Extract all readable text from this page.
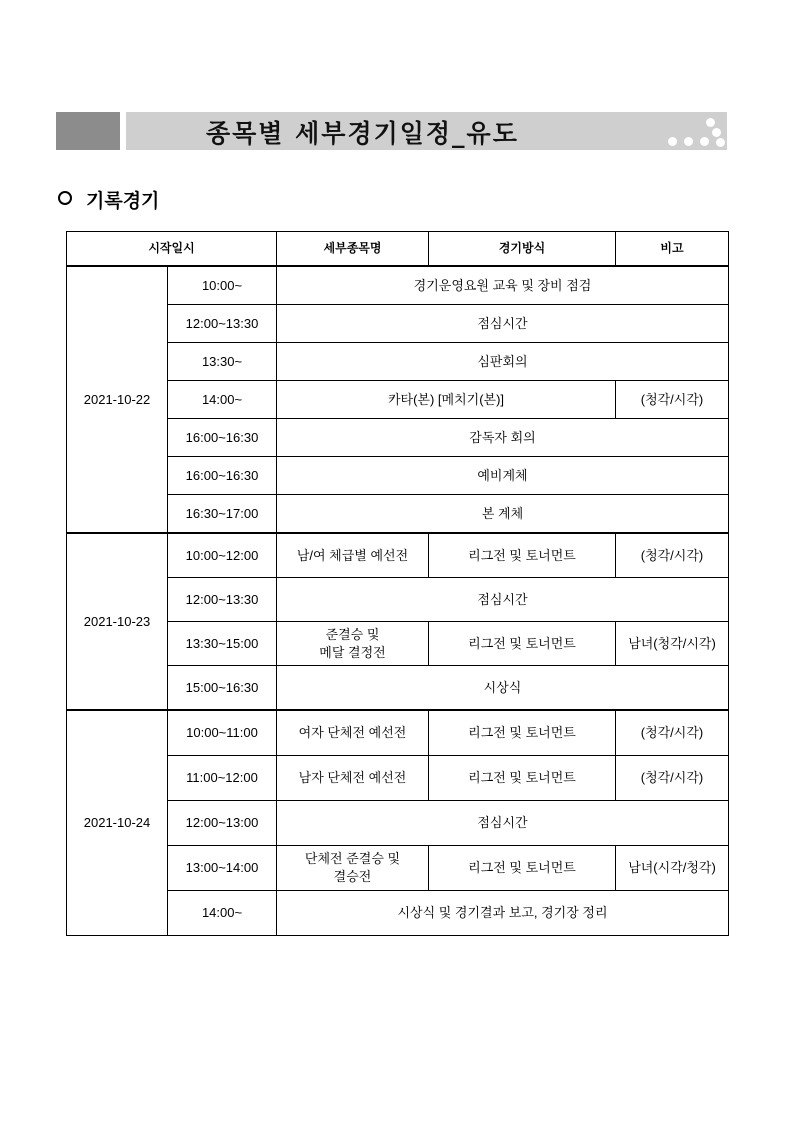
종목별 세부경기일정_유도
기록경기
시작일시		세부종목명	경기방식	비고
2021-10-22	10:00~	경기운영요원 교육 및 장비 점검		
	12:00~13:30	점심시간		
	13:30~	심판회의		
	14:00~	카타(본) [메치기(본)]		(청각/시각)
	16:00~16:30	감독자 회의		
	16:00~16:30	예비계체		
	16:30~17:00	본 계체		
2021-10-23	10:00~12:00	남/여 체급별 예선전	리그전 및 토너먼트	(청각/시각)
	12:00~13:30	점심시간		
	13:30~15:00	준결승 및
메달 결정전	리그전 및 토너먼트	남녀(청각/시각)
	15:00~16:30	시상식		
2021-10-24	10:00~11:00	여자 단체전 예선전	리그전 및 토너먼트	(청각/시각)
	11:00~12:00	남자 단체전 예선전	리그전 및 토너먼트	(청각/시각)
	12:00~13:00	점심시간		
	13:00~14:00	단체전 준결승 및
결승전	리그전 및 토너먼트	남녀(시각/청각)
	14:00~	시상식 및 경기결과 보고, 경기장 정리		
